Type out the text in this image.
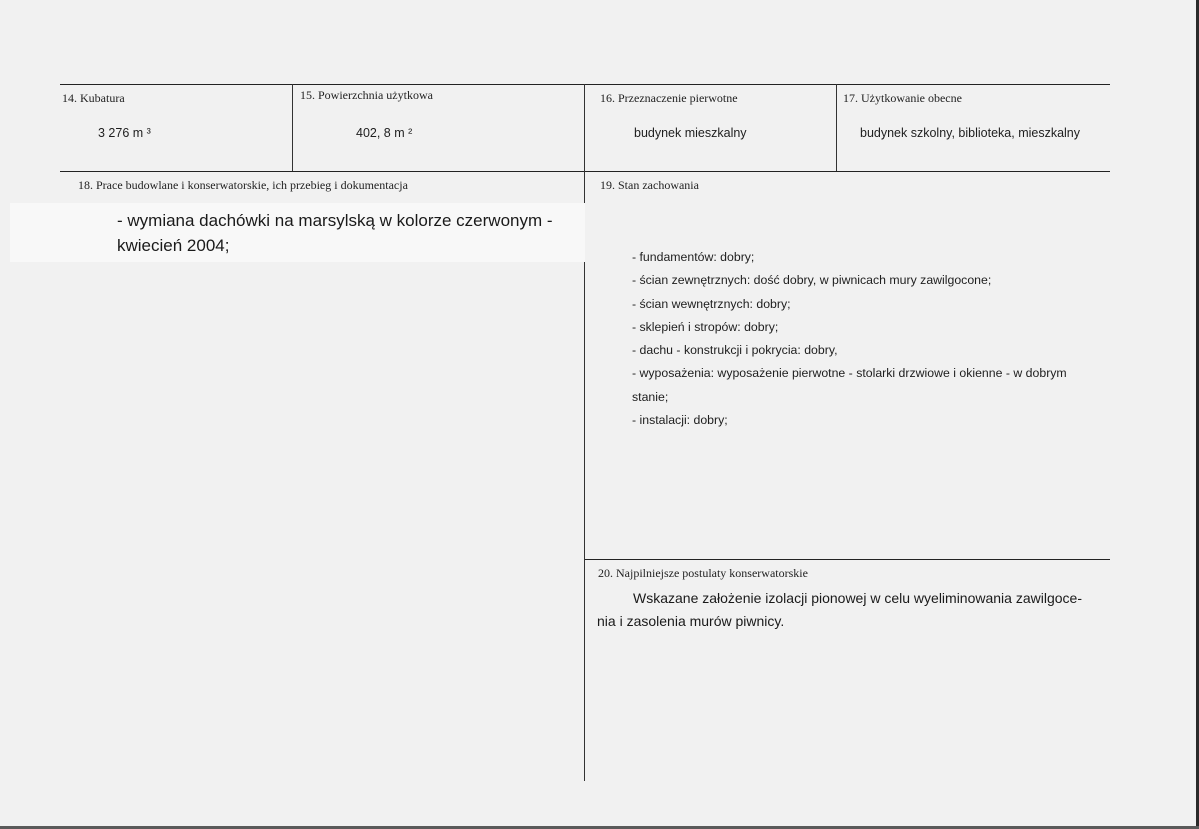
14. Kubatura
3 276 m ³
15. Powierzchnia użytkowa
402, 8 m ²
16. Przeznaczenie pierwotne
budynek mieszkalny
17. Użytkowanie obecne
budynek szkolny, biblioteka, mieszkalny
18. Prace budowlane i konserwatorskie, ich przebieg i dokumentacja
- wymiana dachówki na marsylską w kolorze czerwonym -
kwiecień 2004;
19. Stan zachowania
- fundamentów: dobry;
- ścian zewnętrznych: dość dobry, w piwnicach mury zawilgocone;
- ścian wewnętrznych: dobry;
- sklepień i stropów: dobry;
- dachu - konstrukcji i pokrycia: dobry,
- wyposażenia: wyposażenie pierwotne - stolarki drzwiowe i okienne - w dobrym
stanie;
- instalacji: dobry;
20. Najpilniejsze postulaty konserwatorskie
Wskazane założenie izolacji pionowej w celu wyeliminowania zawilgoce-
nia i zasolenia murów piwnicy.
